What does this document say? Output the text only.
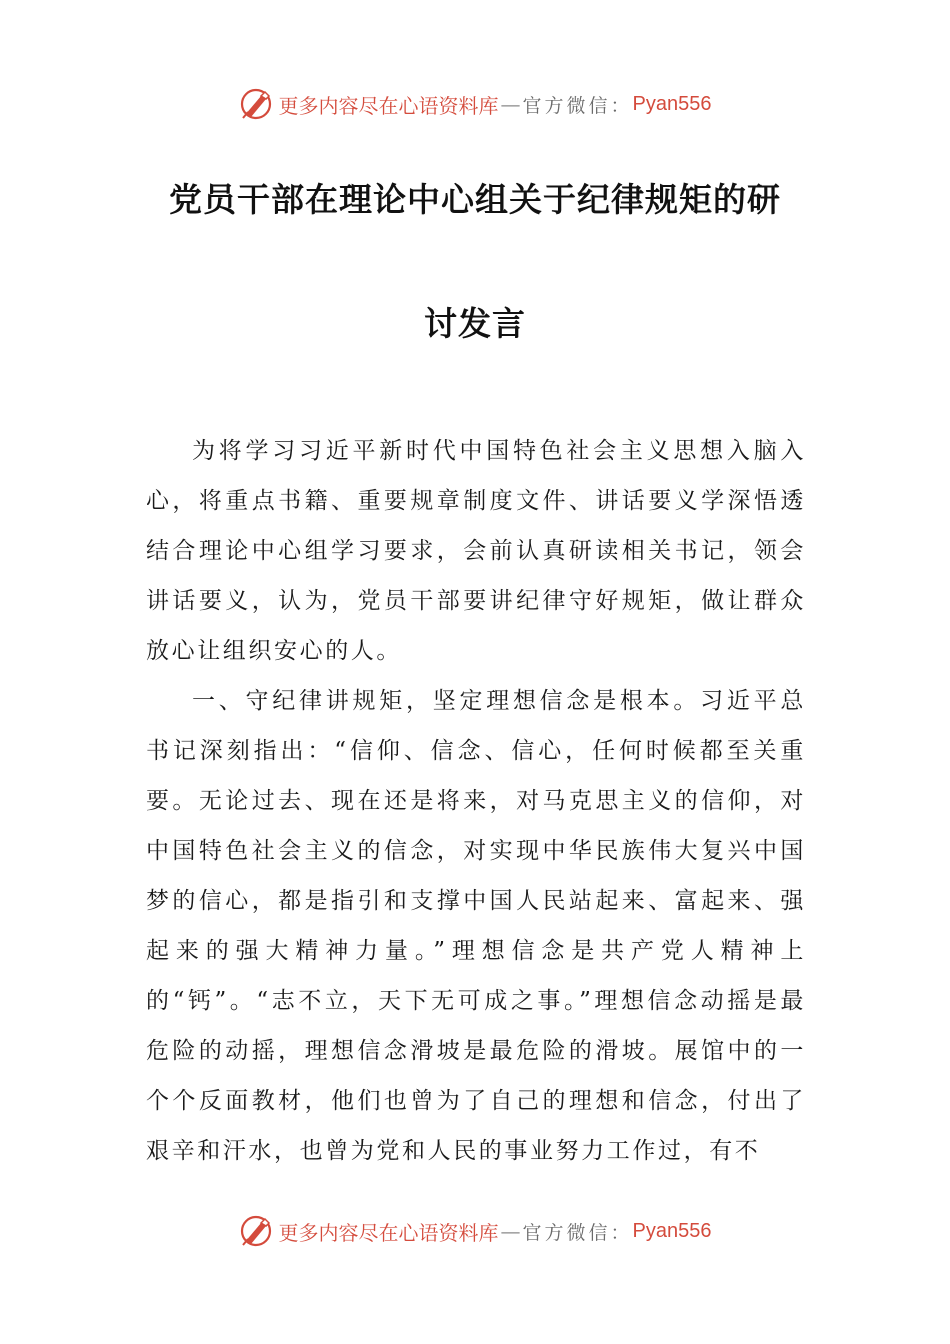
更多内容尽在心语资料库 — 官方微信： Pyan556
党员干部在理论中心组关于纪律规矩的研
讨发言

为将学习习近平新时代中国特色社会主义思想入脑入心，将重点书籍、重要规章制度文件、讲话要义学深悟透结合理论中心组学习要求，会前认真研读相关书记，领会讲话要义，认为，党员干部要讲纪律守好规矩，做让群众放心让组织安心的人。

一、守纪律讲规矩，坚定理想信念是根本。习近平总书记深刻指出：“信仰、信念、信心，任何时候都至关重要。无论过去、现在还是将来，对马克思主义的信仰，对中国特色社会主义的信念，对实现中华民族伟大复兴中国梦的信心，都是指引和支撑中国人民站起来、富起来、强起来的强大精神力量。”理想信念是共产党人精神上的“钙”。“志不立，天下无可成之事。”理想信念动摇是最危险的动摇，理想信念滑坡是最危险的滑坡。展馆中的一个个反面教材，他们也曾为了自己的理想和信念，付出了艰辛和汗水，也曾为党和人民的事业努力工作过，有不

更多内容尽在心语资料库 — 官方微信： Pyan556
